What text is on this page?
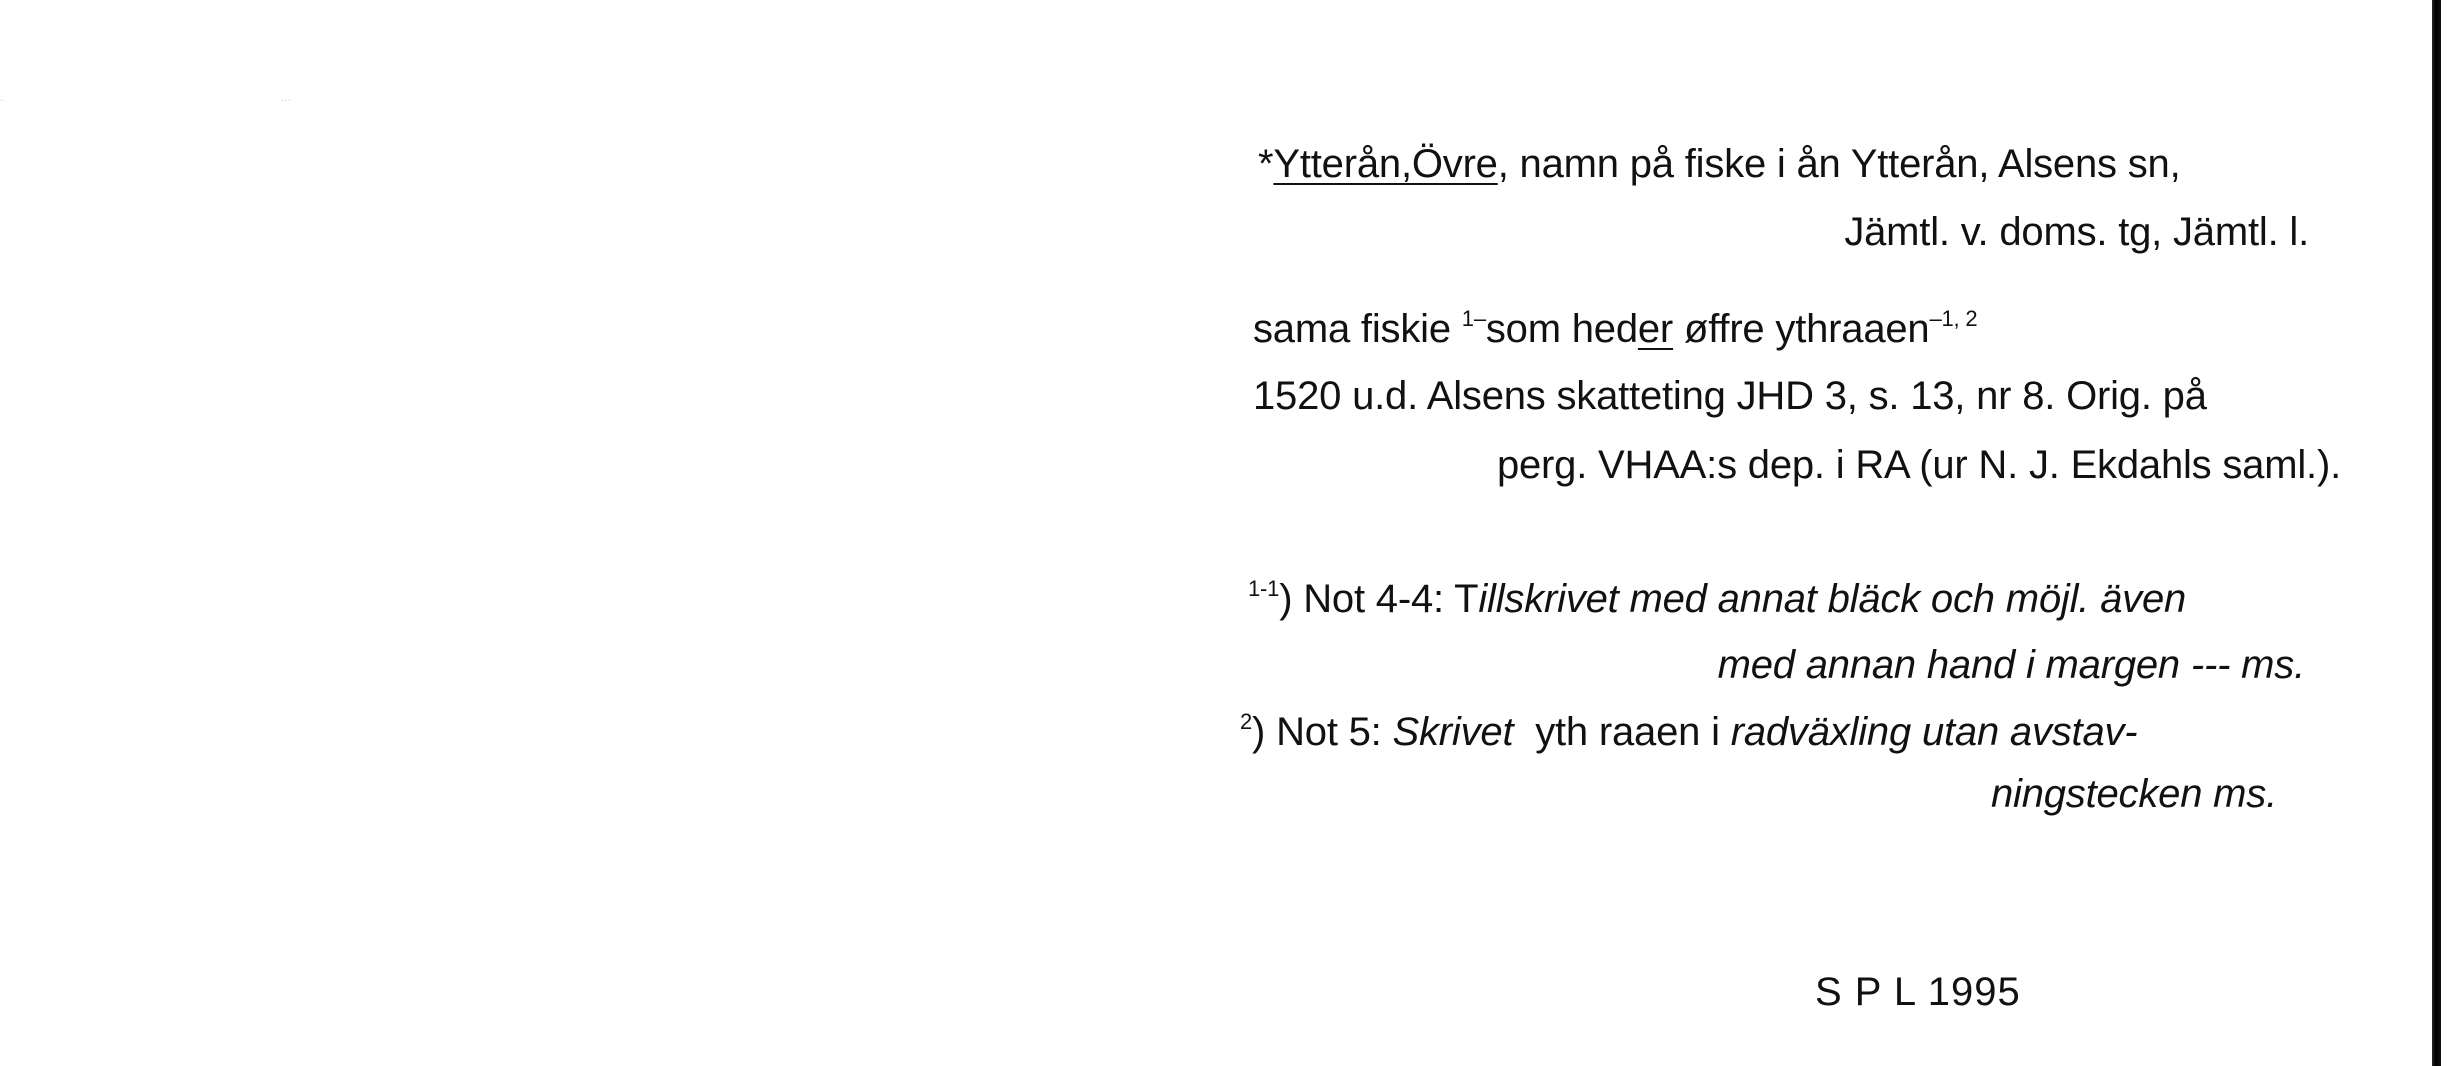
·                                                                                                    ···
*Ytterån,Övre, namn på fiske i ån Ytterån, Alsens sn,
Jämtl. v. doms. tg, Jämtl. l.
sama fiskie $^{1-}$som heder øffre ythraaen$^{-1, 2}$
1520 u.d. Alsens skatteting JHD 3, s. 13, nr 8. Orig. på
perg. VHAA:s dep. i RA (ur N. J. Ekdahls saml.).
$^{1-1}$) Not 4-4: Tillskrivet med annat bläck och möjl. även
med annan hand i margen --- ms.
$^2$) Not 5: Skrivet  yth raaen i radväxling utan avstav-
ningstecken ms.
S P L 1995
